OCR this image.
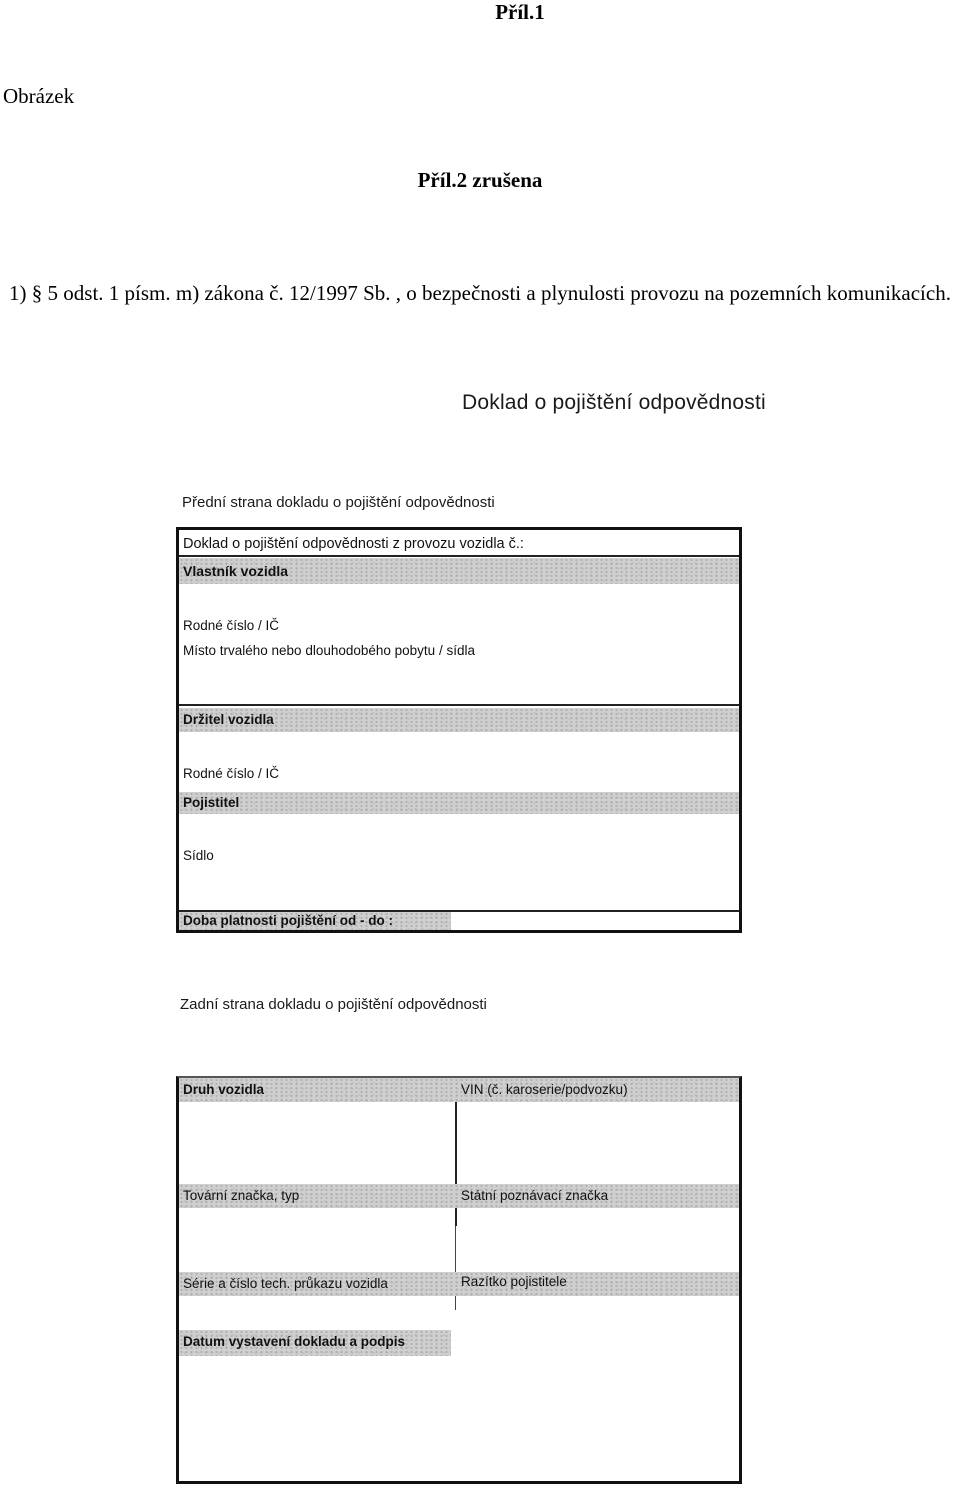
Příl.1
Obrázek
Příl.2 zrušena
1) § 5 odst. 1 písm. m) zákona č. 12/1997 Sb. , o bezpečnosti a plynulosti provozu na pozemních komunikacích.
Doklad o pojištění odpovědnosti
Přední strana dokladu o pojištění odpovědnosti
Doklad o pojištění odpovědnosti z provozu vozidla č.:
Vlastník vozidla
Rodné číslo / IČ
Místo trvalého nebo dlouhodobého pobytu / sídla
Držitel vozidla
Rodné číslo / IČ
Pojistitel
Sídlo
Doba platnosti pojištění od - do :
Zadní strana dokladu o pojištění odpovědnosti
Druh vozidla	VIN (č. karoserie/podvozku)
Tovární značka, typ	Státní poznávací značka
Série a číslo tech. průkazu vozidla	Razítko pojistitele
Datum vystavení dokladu a podpis
